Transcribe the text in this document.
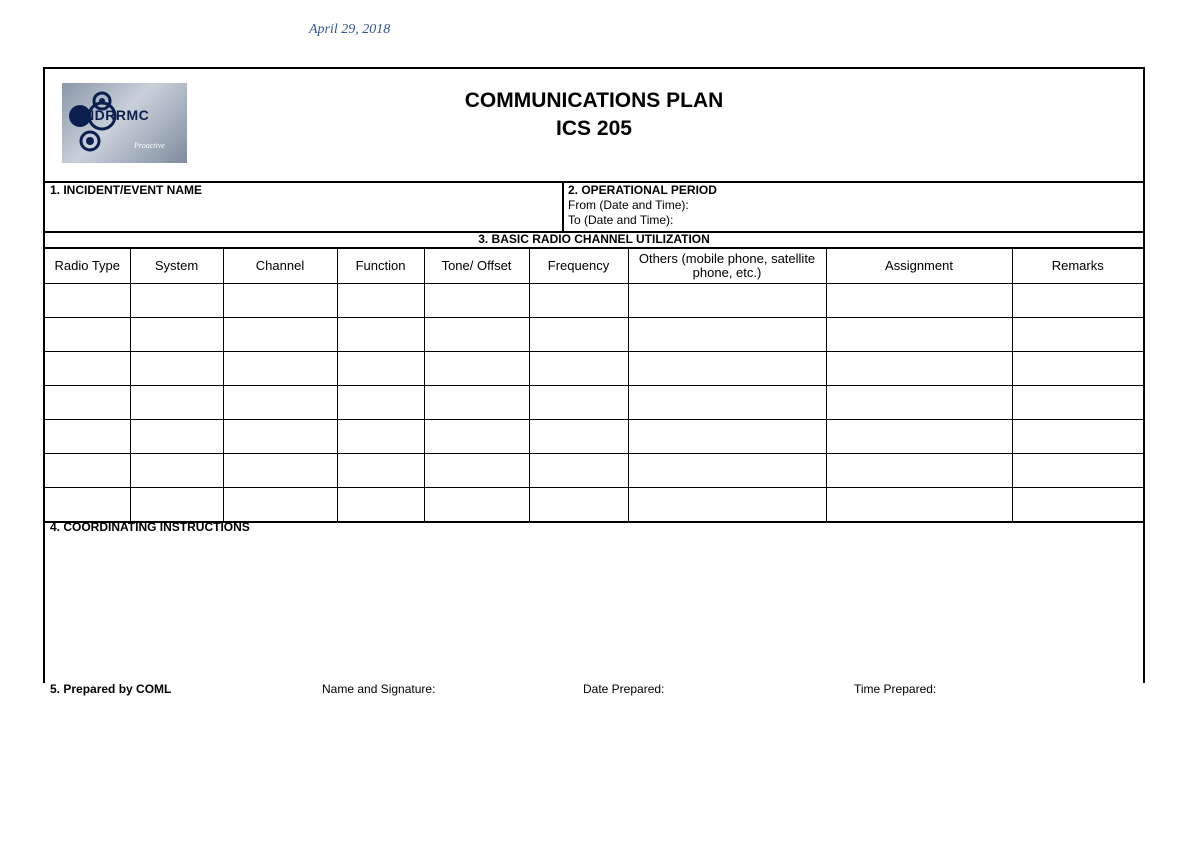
April 29, 2018
NDRRMC
Proactive
COMMUNICATIONS PLAN
ICS 205
1. INCIDENT/EVENT NAME	2. OPERATIONAL PERIOD
From (Date and Time):
To (Date and Time):
3. BASIC RADIO CHANNEL UTILIZATION
Radio Type	System	Channel	Function	Tone/ Offset	Frequency	Others (mobile phone, satellite phone, etc.)	Assignment	Remarks

4. COORDINATING INSTRUCTIONS
5. Prepared by COML	Name and Signature:	Date Prepared:	Time Prepared:
